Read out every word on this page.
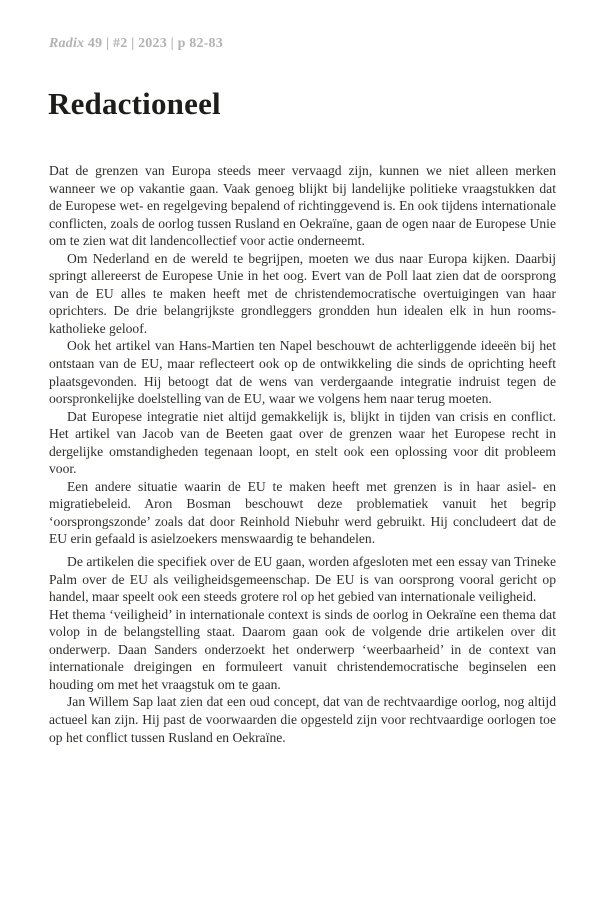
Radix 49 | #2 | 2023 | p 82-83
Redactioneel

Dat de grenzen van Europa steeds meer vervaagd zijn, kunnen we niet alleen merken wanneer we op vakantie gaan. Vaak genoeg blijkt bij landelijke politieke vraagstukken dat de Europese wet- en regelgeving bepalend of richtinggevend is. En ook tijdens internationale conflicten, zoals de oorlog tussen Rusland en Oekraïne, gaan de ogen naar de Europese Unie om te zien wat dit landencollectief voor actie onderneemt.

Om Nederland en de wereld te begrijpen, moeten we dus naar Europa kijken. Daarbij springt allereerst de Europese Unie in het oog. Evert van de Poll laat zien dat de oorsprong van de EU alles te maken heeft met de christendemocratische overtuigingen van haar oprichters. De drie belangrijkste grondleggers grondden hun idealen elk in hun rooms-katholieke geloof.

Ook het artikel van Hans-Martien ten Napel beschouwt de achterliggende ideeën bij het ontstaan van de EU, maar reflecteert ook op de ontwikkeling die sinds de oprichting heeft plaatsgevonden. Hij betoogt dat de wens van verdergaande integratie indruist tegen de oorspronkelijke doelstelling van de EU, waar we volgens hem naar terug moeten.

Dat Europese integratie niet altijd gemakkelijk is, blijkt in tijden van crisis en conflict. Het artikel van Jacob van de Beeten gaat over de grenzen waar het Europese recht in dergelijke omstandigheden tegenaan loopt, en stelt ook een oplossing voor dit probleem voor.

Een andere situatie waarin de EU te maken heeft met grenzen is in haar asiel- en migratiebeleid. Aron Bosman beschouwt deze problematiek vanuit het begrip ‘oorsprongszonde’ zoals dat door Reinhold Niebuhr werd gebruikt. Hij concludeert dat de EU erin gefaald is asielzoekers menswaardig te behandelen.

De artikelen die specifiek over de EU gaan, worden afgesloten met een essay van Trineke Palm over de EU als veiligheidsgemeenschap. De EU is van oorsprong vooral gericht op handel, maar speelt ook een steeds grotere rol op het gebied van internationale veiligheid.

Het thema ‘veiligheid’ in internationale context is sinds de oorlog in Oekraïne een thema dat volop in de belangstelling staat. Daarom gaan ook de volgende drie artikelen over dit onderwerp. Daan Sanders onderzoekt het onderwerp ‘weerbaarheid’ in de context van internationale dreigingen en formuleert vanuit christendemocratische beginselen een houding om met het vraagstuk om te gaan.

Jan Willem Sap laat zien dat een oud concept, dat van de rechtvaardige oorlog, nog altijd actueel kan zijn. Hij past de voorwaarden die opgesteld zijn voor rechtvaardige oorlogen toe op het conflict tussen Rusland en Oekraïne.
